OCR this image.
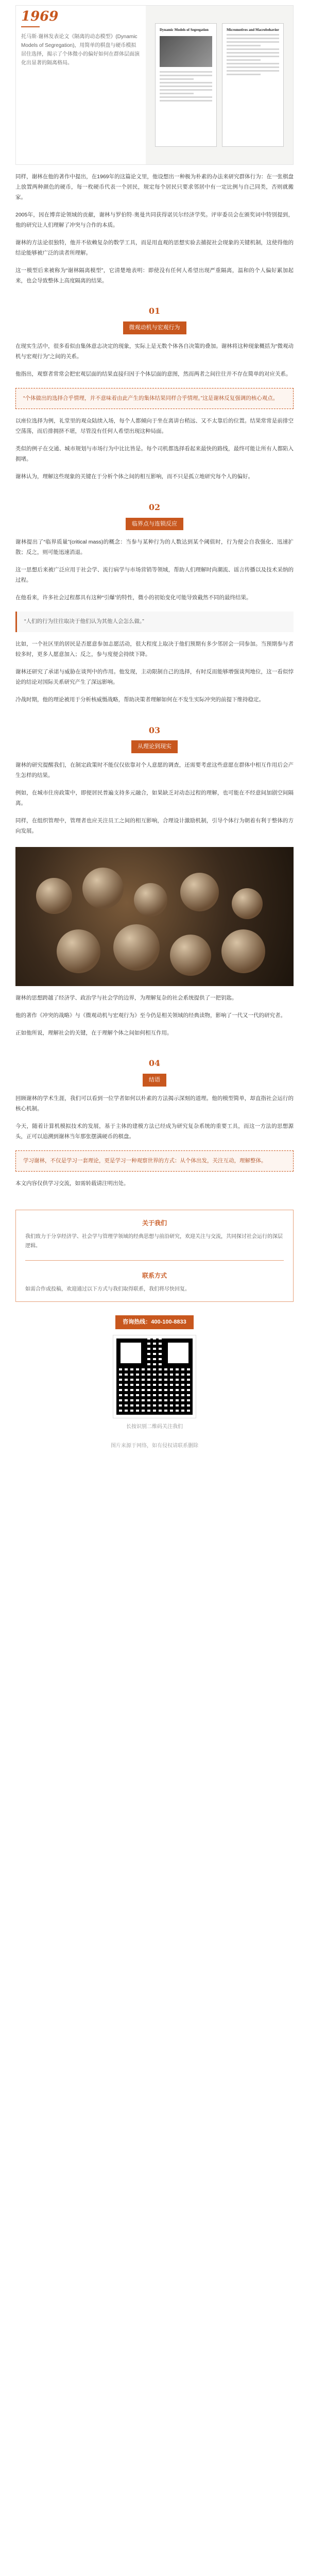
1969
托马斯·谢林发表论文《隔离的动态模型》(Dynamic Models of Segregation)，用简单的棋盘与硬币模拟居住选择，揭示了个体微小的偏好如何在群体层面演化出显著的隔离格局。
Dynamic Models of Segregation	Micromotives and Macrobehavior

同样，谢林在他的著作中提出，在1969年的这篇论文里，他设想出一种极为朴素的办法来研究群体行为：在一张棋盘上放置两种颜色的硬币，每一枚硬币代表一个居民，规定每个居民只要求邻居中有一定比例与自己同类，否则就搬家。

2005年，因在博弈论领域的贡献，谢林与罗伯特·奥曼共同获得诺贝尔经济学奖。评审委员会在颁奖词中特别提到，他的研究让人们理解了冲突与合作的本质。

谢林的方法论很独特，他并不依赖复杂的数学工具，而是用直观的思想实验去捕捉社会现象的关键机制，这使得他的结论能够被广泛的读者所理解。

这一模型后来被称为“谢林隔离模型”，它清楚地表明：即使没有任何人希望出现严重隔离，温和的个人偏好累加起来，也会导致整体上高度隔离的结果。

01
微观动机与宏观行为

在现实生活中，很多看似由集体意志决定的现象，实际上是无数个体各自决策的叠加。谢林将这种现象概括为“微观动机与宏观行为”之间的关系。

他指出，观察者常常会把宏观层面的结果直接归因于个体层面的意图，然而两者之间往往并不存在简单的对应关系。

“个体做出的选择合乎情理，并不意味着由此产生的集体结果同样合乎情理。”这是谢林反复强调的核心观点。

以座位选择为例，礼堂里的观众陆续入场，每个人都倾向于坐在离讲台稍远、又不太靠后的位置。结果常常是前排空空荡荡，而后排拥挤不堪，尽管没有任何人希望出现这种局面。

类似的例子在交通、城市规划与市场行为中比比皆是。每个司机都选择看起来最快的路线，最终可能让所有人都陷入拥堵。

谢林认为，理解这些现象的关键在于分析个体之间的相互影响，而不只是孤立地研究每个人的偏好。

02
临界点与连锁反应

谢林提出了“临界质量”(critical mass)的概念：当参与某种行为的人数达到某个阈值时，行为便会自我强化、迅速扩散；反之，则可能迅速消退。

这一思想后来被广泛应用于社会学、流行病学与市场营销等领域，帮助人们理解时尚潮流、谣言传播以及技术采纳的过程。

在他看来，许多社会过程都具有这种“引爆”的特性，微小的初始变化可能导致截然不同的最终结果。

“人们的行为往往取决于他们认为其他人会怎么做。”

比如，一个社区里的居民是否愿意参加志愿活动，很大程度上取决于他们预期有多少邻居会一同参加。当预期参与者较多时，更多人愿意加入；反之，参与度便会持续下降。

谢林还研究了承诺与威胁在谈判中的作用。他发现，主动限制自己的选择，有时反而能够增强谈判地位，这一看似悖论的结论对国际关系研究产生了深远影响。

冷战时期，他的理论被用于分析核威慑战略，帮助决策者理解如何在不发生实际冲突的前提下维持稳定。

03
从理论到现实

谢林的研究提醒我们，在制定政策时不能仅仅依靠对个人意愿的调查，还需要考虑这些意愿在群体中相互作用后会产生怎样的结果。

例如，在城市住房政策中，即便居民普遍支持多元融合，如果缺乏对动态过程的理解，也可能在不经意间加剧空间隔离。

同样，在组织管理中，管理者也应关注员工之间的相互影响，合理设计激励机制，引导个体行为朝着有利于整体的方向发展。

谢林的思想跨越了经济学、政治学与社会学的边界，为理解复杂的社会系统提供了一把钥匙。

他的著作《冲突的战略》与《微观动机与宏观行为》至今仍是相关领域的经典读物，影响了一代又一代的研究者。

正如他所说，理解社会的关键，在于理解个体之间如何相互作用。

04
结语

回顾谢林的学术生涯，我们可以看到一位学者如何以朴素的方法揭示深刻的道理。他的模型简单，却直指社会运行的核心机制。

今天，随着计算机模拟技术的发展，基于主体的建模方法已经成为研究复杂系统的重要工具，而这一方法的思想源头，正可以追溯到谢林当年那张摆满硬币的棋盘。

学习谢林，不仅是学习一套理论，更是学习一种观察世界的方式：从个体出发，关注互动，理解整体。

本文内容仅供学习交流，如需转载请注明出处。

关于我们
我们致力于分享经济学、社会学与管理学领域的经典思想与前沿研究，欢迎关注与交流，共同探讨社会运行的深层逻辑。
联系方式
如需合作或投稿，欢迎通过以下方式与我们取得联系，我们将尽快回复。
咨询热线：400-100-8833
长按识别二维码关注我们
图片来源于网络，如有侵权请联系删除
